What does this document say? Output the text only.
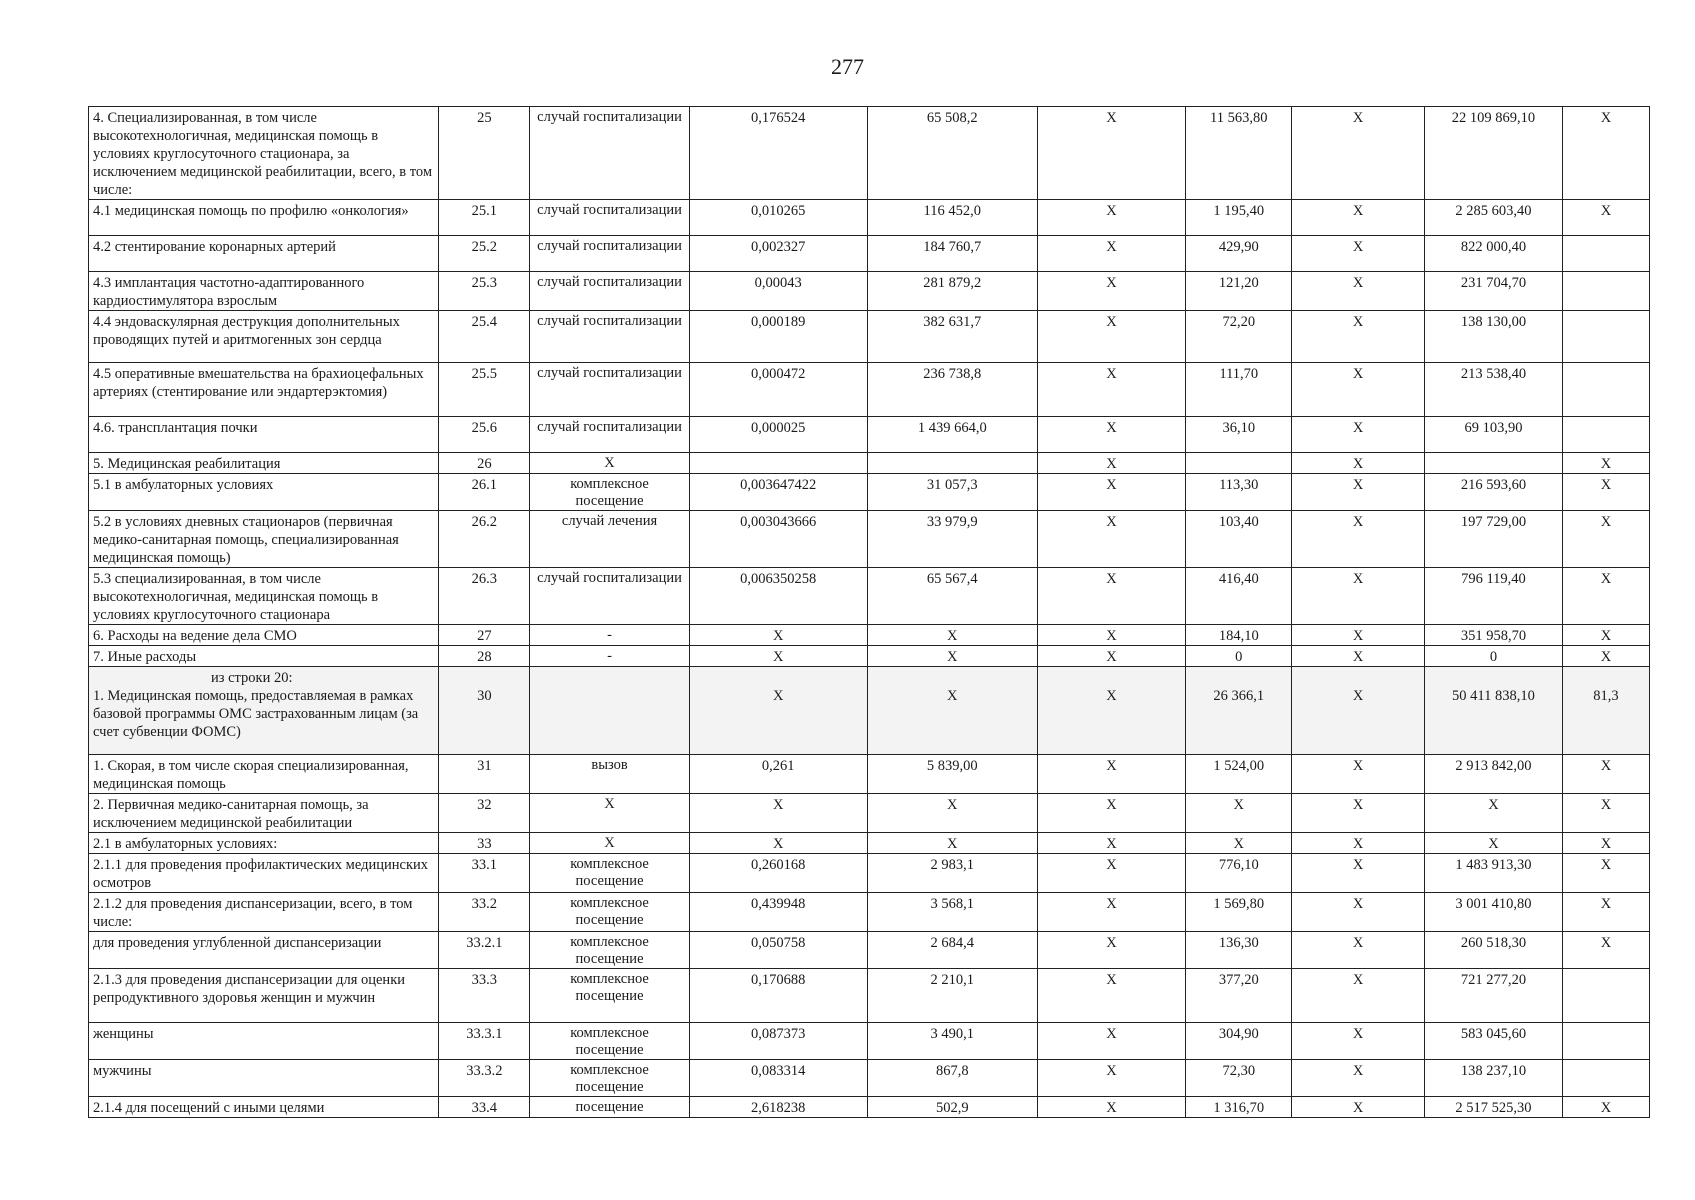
277
4. Специализированная, в том числе высокотехнологичная, медицинская помощь в условиях круглосуточного стационара, за исключением медицинской реабилитации, всего, в том числе:	25	случай госпитализации	0,176524	65 508,2	X	11 563,80	X	22 109 869,10	X
4.1 медицинская помощь по профилю «онкология»	25.1	случай госпитализации	0,010265	116 452,0	X	1 195,40	X	2 285 603,40	X
4.2 стентирование коронарных артерий	25.2	случай госпитализации	0,002327	184 760,7	X	429,90	X	822 000,40	
4.3 имплантация частотно-адаптированного кардиостимулятора взрослым	25.3	случай госпитализации	0,00043	281 879,2	X	121,20	X	231 704,70	
4.4 эндоваскулярная деструкция дополнительных проводящих путей и аритмогенных зон сердца	25.4	случай госпитализации	0,000189	382 631,7	X	72,20	X	138 130,00	
4.5 оперативные вмешательства на брахиоцефальных артериях (стентирование или эндартерэктомия)	25.5	случай госпитализации	0,000472	236 738,8	X	111,70	X	213 538,40	
4.6. трансплантация почки	25.6	случай госпитализации	0,000025	1 439 664,0	X	36,10	X	69 103,90	
5. Медицинская реабилитация	26	X			X		X		X
5.1 в амбулаторных условиях	26.1	комплексное посещение	0,003647422	31 057,3	X	113,30	X	216 593,60	X
5.2 в условиях дневных стационаров (первичная медико-санитарная помощь, специализированная медицинская помощь)	26.2	случай лечения	0,003043666	33 979,9	X	103,40	X	197 729,00	X
5.3 специализированная, в том числе высокотехнологичная, медицинская помощь в условиях круглосуточного стационара	26.3	случай госпитализации	0,006350258	65 567,4	X	416,40	X	796 119,40	X
6. Расходы на ведение дела СМО	27	-	X	X	X	184,10	X	351 958,70	X
7. Иные расходы	28	-	X	X	X	0	X	0	X

из строки 20:
1. Медицинская помощь, предоставляемая в рамках базовой программы ОМС застрахованным лицам (за счет субвенции ФОМС)	30		X	X	X	26 366,1	X	50 411 838,10	81,3
1. Скорая, в том числе скорая специализированная, медицинская помощь	31	вызов	0,261	5 839,00	X	1 524,00	X	2 913 842,00	X
2. Первичная медико-санитарная помощь, за исключением медицинской реабилитации	32	X	X	X	X	X	X	X	X
2.1 в амбулаторных условиях:	33	X	X	X	X	X	X	X	X
2.1.1 для проведения профилактических медицинских осмотров	33.1	комплексное посещение	0,260168	2 983,1	X	776,10	X	1 483 913,30	X
2.1.2 для проведения диспансеризации, всего, в том числе:	33.2	комплексное посещение	0,439948	3 568,1	X	1 569,80	X	3 001 410,80	X
для проведения углубленной диспансеризации	33.2.1	комплексное посещение	0,050758	2 684,4	X	136,30	X	260 518,30	X
2.1.3 для проведения диспансеризации для оценки репродуктивного здоровья женщин и мужчин	33.3	комплексное посещение	0,170688	2 210,1	X	377,20	X	721 277,20	
женщины	33.3.1	комплексное посещение	0,087373	3 490,1	X	304,90	X	583 045,60	
мужчины	33.3.2	комплексное посещение	0,083314	867,8	X	72,30	X	138 237,10	
2.1.4 для посещений с иными целями	33.4	посещение	2,618238	502,9	X	1 316,70	X	2 517 525,30	X
